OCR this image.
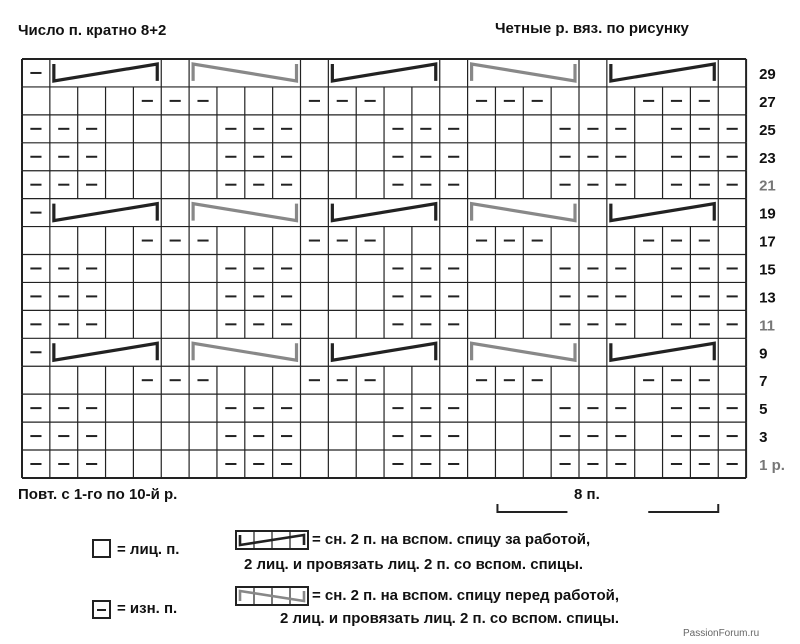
Число п. кратно 8+2	Четные р. вяз. по рисунку
29
27
25
23
21
19
17
15
13
11
9
7
5
3
1 р.
Повт. с 1-го по 10-й р.	8 п.
= лиц. п.
= изн. п.
= сн. 2 п. на вспом. спицу за работой,
2 лиц. и провязать лиц. 2 п. со вспом. спицы.
= сн. 2 п. на вспом. спицу перед работой,
2 лиц. и провязать лиц. 2 п. со вспом. спицы.
PassionForum.ru
